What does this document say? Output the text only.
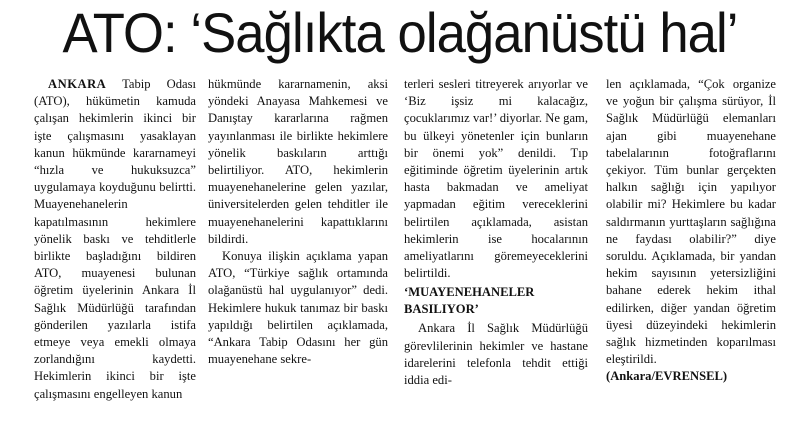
ATO: ‘Sağlıkta olağanüstü hal’

ANKARA Tabip Odası (ATO), hükümetin kamuda çalışan hekimlerin ikinci bir işte çalışmasını yasaklayan kanun hükmünde kararnameyi “hızla ve hukuksuzca” uygulamaya koyduğunu belirtti. Muayenehanelerin kapatılmasının hekimlere yönelik baskı ve tehditlerle birlikte başladığını bildiren ATO, muayenesi bulunan öğretim üyelerinin Ankara İl Sağlık Müdürlüğü tarafından gönderilen yazılarla istifa etmeye veya emekli olmaya zorlandığını kaydetti. Hekimlerin ikinci bir işte çalışmasını engelleyen kanun

hükmünde kararnamenin, aksi yöndeki Anayasa Mahkemesi ve Danıştay kararlarına rağmen yayınlanması ile birlikte hekimlere yönelik baskıların arttığı belirtiliyor. ATO, hekimlerin muayenehanelerine gelen yazılar, üniversitelerden gelen tehditler ile muayenehanelerini kapattıklarını bildirdi.

Konuya ilişkin açıklama yapan ATO, “Türkiye sağlık ortamında olağanüstü hal uygulanıyor” dedi. Hekimlere hukuk tanımaz bir baskı yapıldığı belirtilen açıklamada, “Ankara Tabip Odasını her gün muayenehane sekre-

terleri sesleri titreyerek arıyorlar ve ‘Biz işsiz mi kalacağız, çocuklarımız var!’ diyorlar. Ne gam, bu ülkeyi yönetenler için bunların bir önemi yok” denildi. Tıp eğitiminde öğretim üyelerinin artık hasta bakmadan ve ameliyat yapmadan eğitim vereceklerini belirtilen açıklamada, asistan hekimlerin ise hocalarının ameliyatlarını göremeyeceklerini belirtildi.

‘MUAYENEHANELER BASILIYOR’

Ankara İl Sağlık Müdürlüğü görevlilerinin hekimler ve hastane idarelerini telefonla tehdit ettiği iddia edi-

len açıklamada, “Çok organize ve yoğun bir çalışma sürüyor, İl Sağlık Müdürlüğü elemanları ajan gibi muayenehane tabelalarının fotoğraflarını çekiyor. Tüm bunlar gerçekten halkın sağlığı için yapılıyor olabilir mi? Hekimlere bu kadar saldırmanın yurttaşların sağlığına ne faydası olabilir?” diye soruldu. Açıklamada, bir yandan hekim sayısının yetersizliğini bahane ederek hekim ithal edilirken, diğer yandan öğretim üyesi düzeyindeki hekimlerin sağlık hizmetinden koparılması eleştirildi.

(Ankara/EVRENSEL)
